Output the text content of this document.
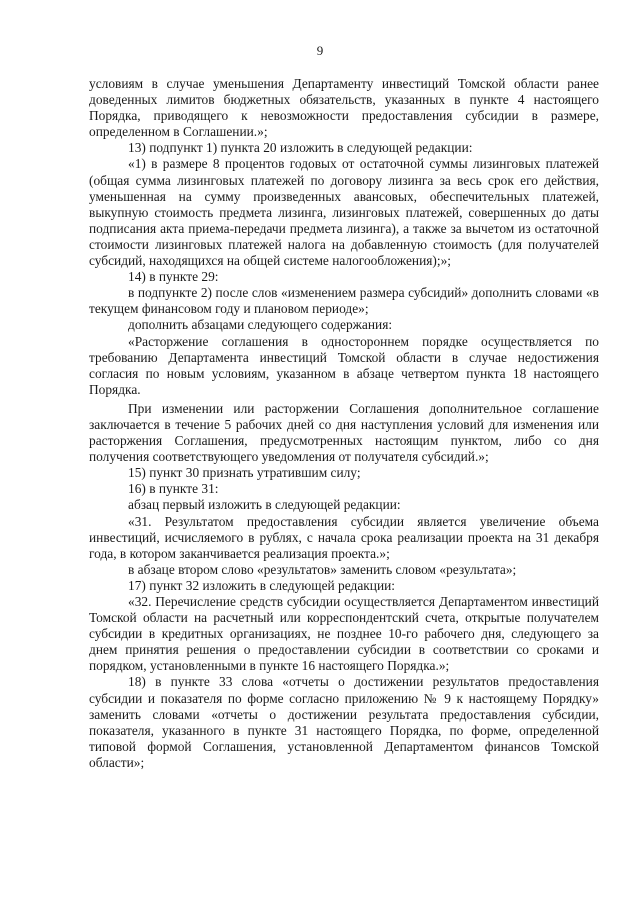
9

условиям в случае уменьшения Департаменту инвестиций Томской области ранее доведенных лимитов бюджетных обязательств, указанных в пункте 4 настоящего Порядка, приводящего к невозможности предоставления субсидии в размере, определенном в Соглашении.»;

13) подпункт 1) пункта 20 изложить в следующей редакции:

«1) в размере 8 процентов годовых от остаточной суммы лизинговых платежей (общая сумма лизинговых платежей по договору лизинга за весь срок его действия, уменьшенная на сумму произведенных авансовых, обеспечительных платежей, выкупную стоимость предмета лизинга, лизинговых платежей, совершенных до даты подписания акта приема-передачи предмета лизинга), а также за вычетом из остаточной стоимости лизинговых платежей налога на добавленную стоимость (для получателей субсидий, находящихся на общей системе налогообложения);»;

14) в пункте 29:

в подпункте 2) после слов «изменением размера субсидий» дополнить словами «в текущем финансовом году и плановом периоде»;

дополнить абзацами следующего содержания:

«Расторжение соглашения в одностороннем порядке осуществляется по требованию Департамента инвестиций Томской области в случае недостижения согласия по новым условиям, указанном в абзаце четвертом пункта 18 настоящего Порядка.

При изменении или расторжении Соглашения дополнительное соглашение заключается в течение 5 рабочих дней со дня наступления условий для изменения или расторжения Соглашения, предусмотренных настоящим пунктом, либо со дня получения соответствующего уведомления от получателя субсидий.»;

15) пункт 30 признать утратившим силу;

16) в пункте 31:

абзац первый изложить в следующей редакции:

«31. Результатом предоставления субсидии является увеличение объема инвестиций, исчисляемого в рублях, с начала срока реализации проекта на 31 декабря года, в котором заканчивается реализация проекта.»;

в абзаце втором слово «результатов» заменить словом «результата»;

17) пункт 32 изложить в следующей редакции:

«32. Перечисление средств субсидии осуществляется Департаментом инвестиций Томской области на расчетный или корреспондентский счета, открытые получателем субсидии в кредитных организациях, не позднее 10-го рабочего дня, следующего за днем принятия решения о предоставлении субсидии в соответствии со сроками и порядком, установленными в пункте 16 настоящего Порядка.»;

18) в пункте 33 слова «отчеты о достижении результатов предоставления субсидии и показателя по форме согласно приложению № 9 к настоящему Порядку» заменить словами «отчеты о достижении результата предоставления субсидии, показателя, указанного в пункте 31 настоящего Порядка, по форме, определенной типовой формой Соглашения, установленной Департаментом финансов Томской области»;
